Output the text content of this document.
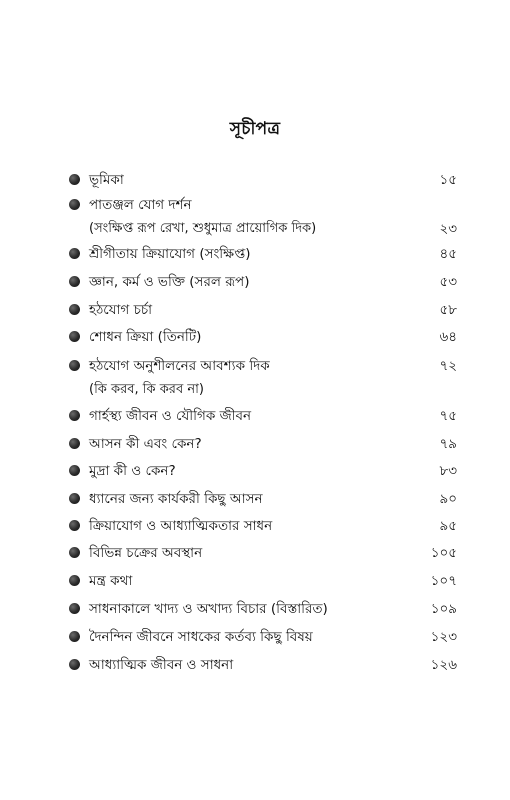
সূচীপত্র
ভূমিকা	১৫
পাতঞ্জল যোগ দর্শন
(সংক্ষিপ্ত রূপ রেখা, শুধুমাত্র প্রায়োগিক দিক)	২৩
শ্রীগীতায় ক্রিয়াযোগ (সংক্ষিপ্ত)	৪৫
জ্ঞান, কর্ম ও ভক্তি (সরল রূপ)	৫৩
হঠযোগ চর্চা	৫৮
শোধন ক্রিয়া (তিনটি)	৬৪
হঠযোগ অনুশীলনের আবশ্যক দিক	৭২
(কি করব, কি করব না)
গার্হস্থ্য জীবন ও যৌগিক জীবন	৭৫
আসন কী এবং কেন?	৭৯
মুদ্রা কী ও কেন?	৮৩
ধ্যানের জন্য কার্যকরী কিছু আসন	৯০
ক্রিয়াযোগ ও আধ্যাত্মিকতার সাধন	৯৫
বিভিন্ন চক্রের অবস্থান	১০৫
মন্ত্র কথা	১০৭
সাধনাকালে খাদ্য ও অখাদ্য বিচার (বিস্তারিত)	১০৯
দৈনন্দিন জীবনে সাধকের কর্তব্য কিছু বিষয়	১২৩
আধ্যাত্মিক জীবন ও সাধনা	১২৬
